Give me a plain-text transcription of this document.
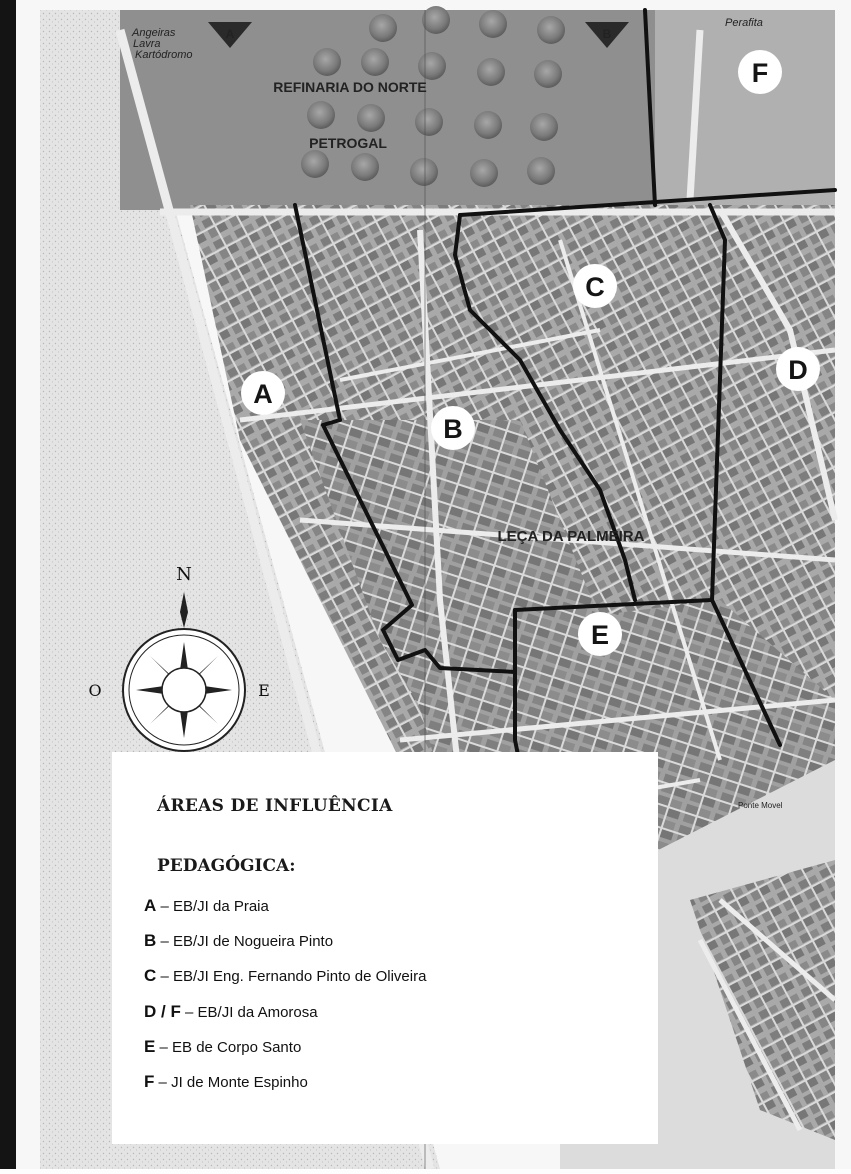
A	B
REFINARIA DO NORTE
PETROGAL
LEÇA DA PALMEIRA
Angeiras
Lavra
Kartódromo
Perafita
Ponte Movel
A
B
C
D
E
F
N
O	E
ÁREAS DE INFLUÊNCIA
PEDAGÓGICA:
A – EB/JI da Praia
B – EB/JI de Nogueira Pinto
C – EB/JI Eng. Fernando Pinto de Oliveira
D / F – EB/JI da Amorosa
E – EB de Corpo Santo
F – JI de Monte Espinho
